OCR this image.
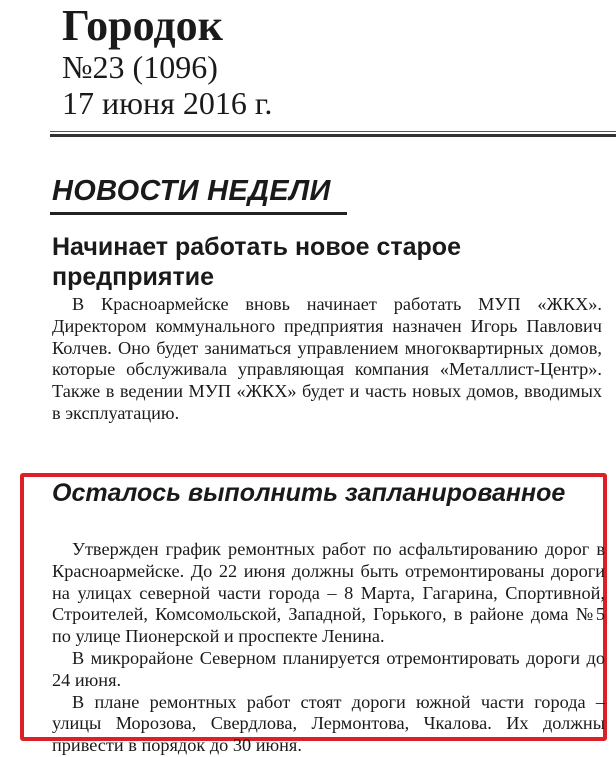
Городок
№23 (1096)
17 июня 2016 г.
НОВОСТИ НЕДЕЛИ
Начинает работать новое старое предприятие

В Красноармейске вновь начинает работать МУП «ЖКХ». Директором коммунального предприятия назначен Игорь Павлович Колчев. Оно будет заниматься управлением многоквартирных домов, которые обслуживала управляющая компания «Металлист-Центр». Также в ведении МУП «ЖКХ» будет и часть новых домов, вводимых в эксплуатацию.

Осталось выполнить запланированное

Утвержден график ремонтных работ по асфальтированию дорог в Красноармейске. До 22 июня должны быть отремонтированы дороги на улицах северной части города – 8 Марта, Гагарина, Спортивной, Строителей, Комсомольской, Западной, Горького, в районе дома №5 по улице Пионерской и проспекте Ленина.

В микрорайоне Северном планируется отремонтировать дороги до 24 июня.

В плане ремонтных работ стоят дороги южной части города – улицы Морозова, Свердлова, Лермонтова, Чкалова. Их должны привести в порядок до 30 июня.
